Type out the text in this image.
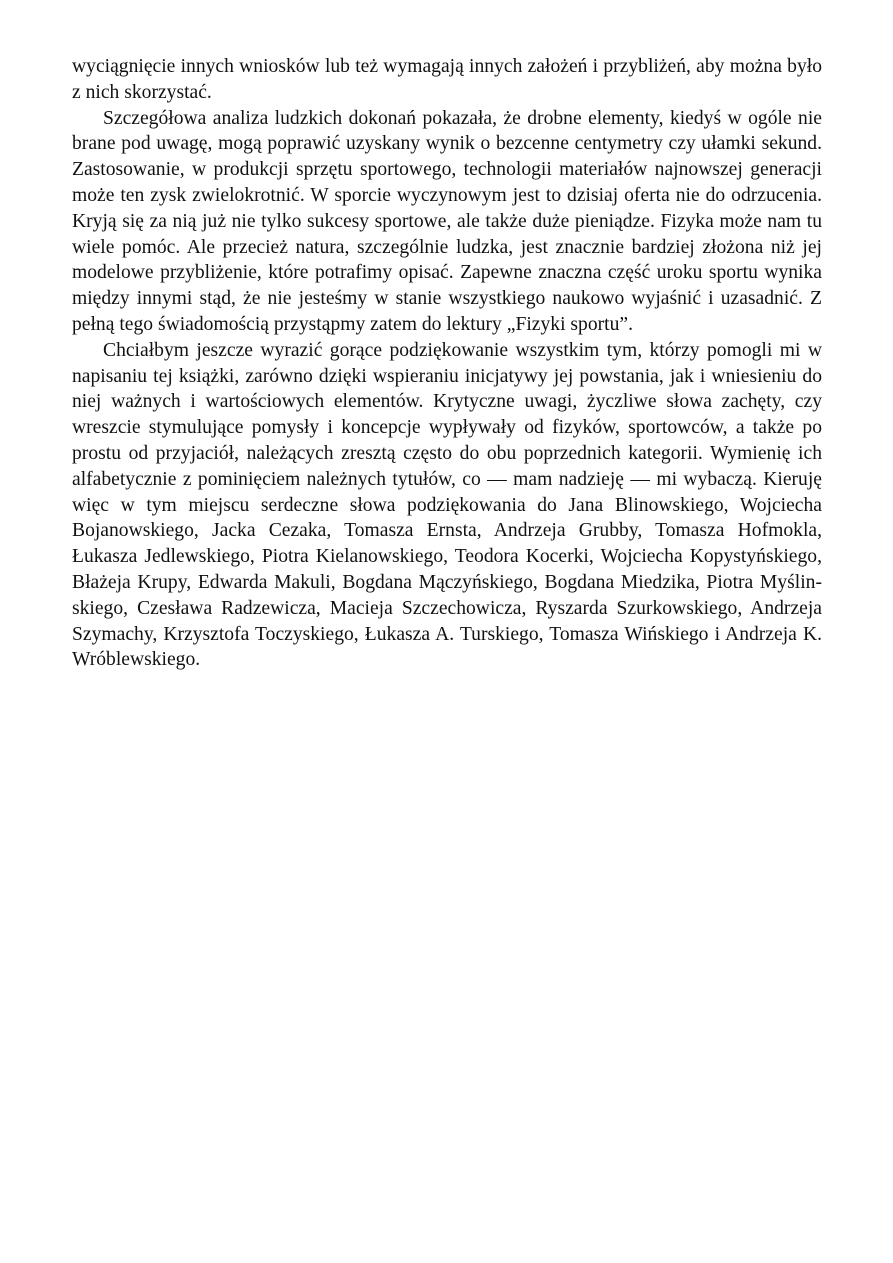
wyciągnięcie innych wniosków lub też wymagają innych założeń i przybliżeń, aby można było z nich skorzystać.

Szczegółowa analiza ludzkich dokonań pokazała, że drobne elementy, kiedyś w ogóle nie brane pod uwagę, mogą poprawić uzyskany wynik o bezcenne centymetry czy ułamki sekund. Zastosowanie, w produkcji sprzętu sportowego, technologii materiałów najnowszej generacji może ten zysk zwielokrotnić. W sporcie wyczynowym jest to dzisiaj oferta nie do odrzucenia. Kryją się za nią już nie tylko sukcesy sportowe, ale także duże pieniądze. Fizyka może nam tu wiele pomóc. Ale przecież natura, szczególnie ludzka, jest znacznie bardziej złożona niż jej modelowe przybliżenie, które potrafimy opisać. Zapewne znaczna część uroku sportu wynika między innymi stąd, że nie jesteśmy w stanie wszystkiego naukowo wyjaśnić i uzasadnić. Z pełną tego świadomością przystąpmy zatem do lektury „Fizyki sportu”.

Chciałbym jeszcze wyrazić gorące podziękowanie wszystkim tym, którzy pomogli mi w napisaniu tej książki, zarówno dzięki wspieraniu inicjatywy jej powstania, jak i wniesieniu do niej ważnych i wartościowych elementów. Krytyczne uwagi, życzliwe słowa zachęty, czy wreszcie stymulujące pomysły i koncepcje wypływały od fizyków, sportowców, a także po prostu od przyjaciół, należących zresztą często do obu poprzednich kategorii. Wymienię ich alfabetycznie z pominięciem należnych tytułów, co — mam nadzieję — mi wybaczą. Kieruję więc w tym miejscu serdeczne słowa podziękowania do Jana Blinowskiego, Wojciecha Bojanowskiego, Jacka Cezaka, Tomasza Ernsta, Andrzeja Grubby, Tomasza Hofmokla, Łukasza Jedlewskiego, Piotra Kielanowskiego, Teodora Kocerki, Wojciecha Kopystyńskiego, Błażeja Krupy, Edwarda Makuli, Bogdana Mączyńskiego, Bogdana Miedzika, Piotra Myślinskiego, Czesława Radzewicza, Macieja Szczechowicza, Ryszarda Szurkowskiego, Andrzeja Szymachy, Krzysztofa Toczyskiego, Łukasza A. Turskiego, Tomasza Wińskiego i Andrzeja K. Wróblewskiego.
